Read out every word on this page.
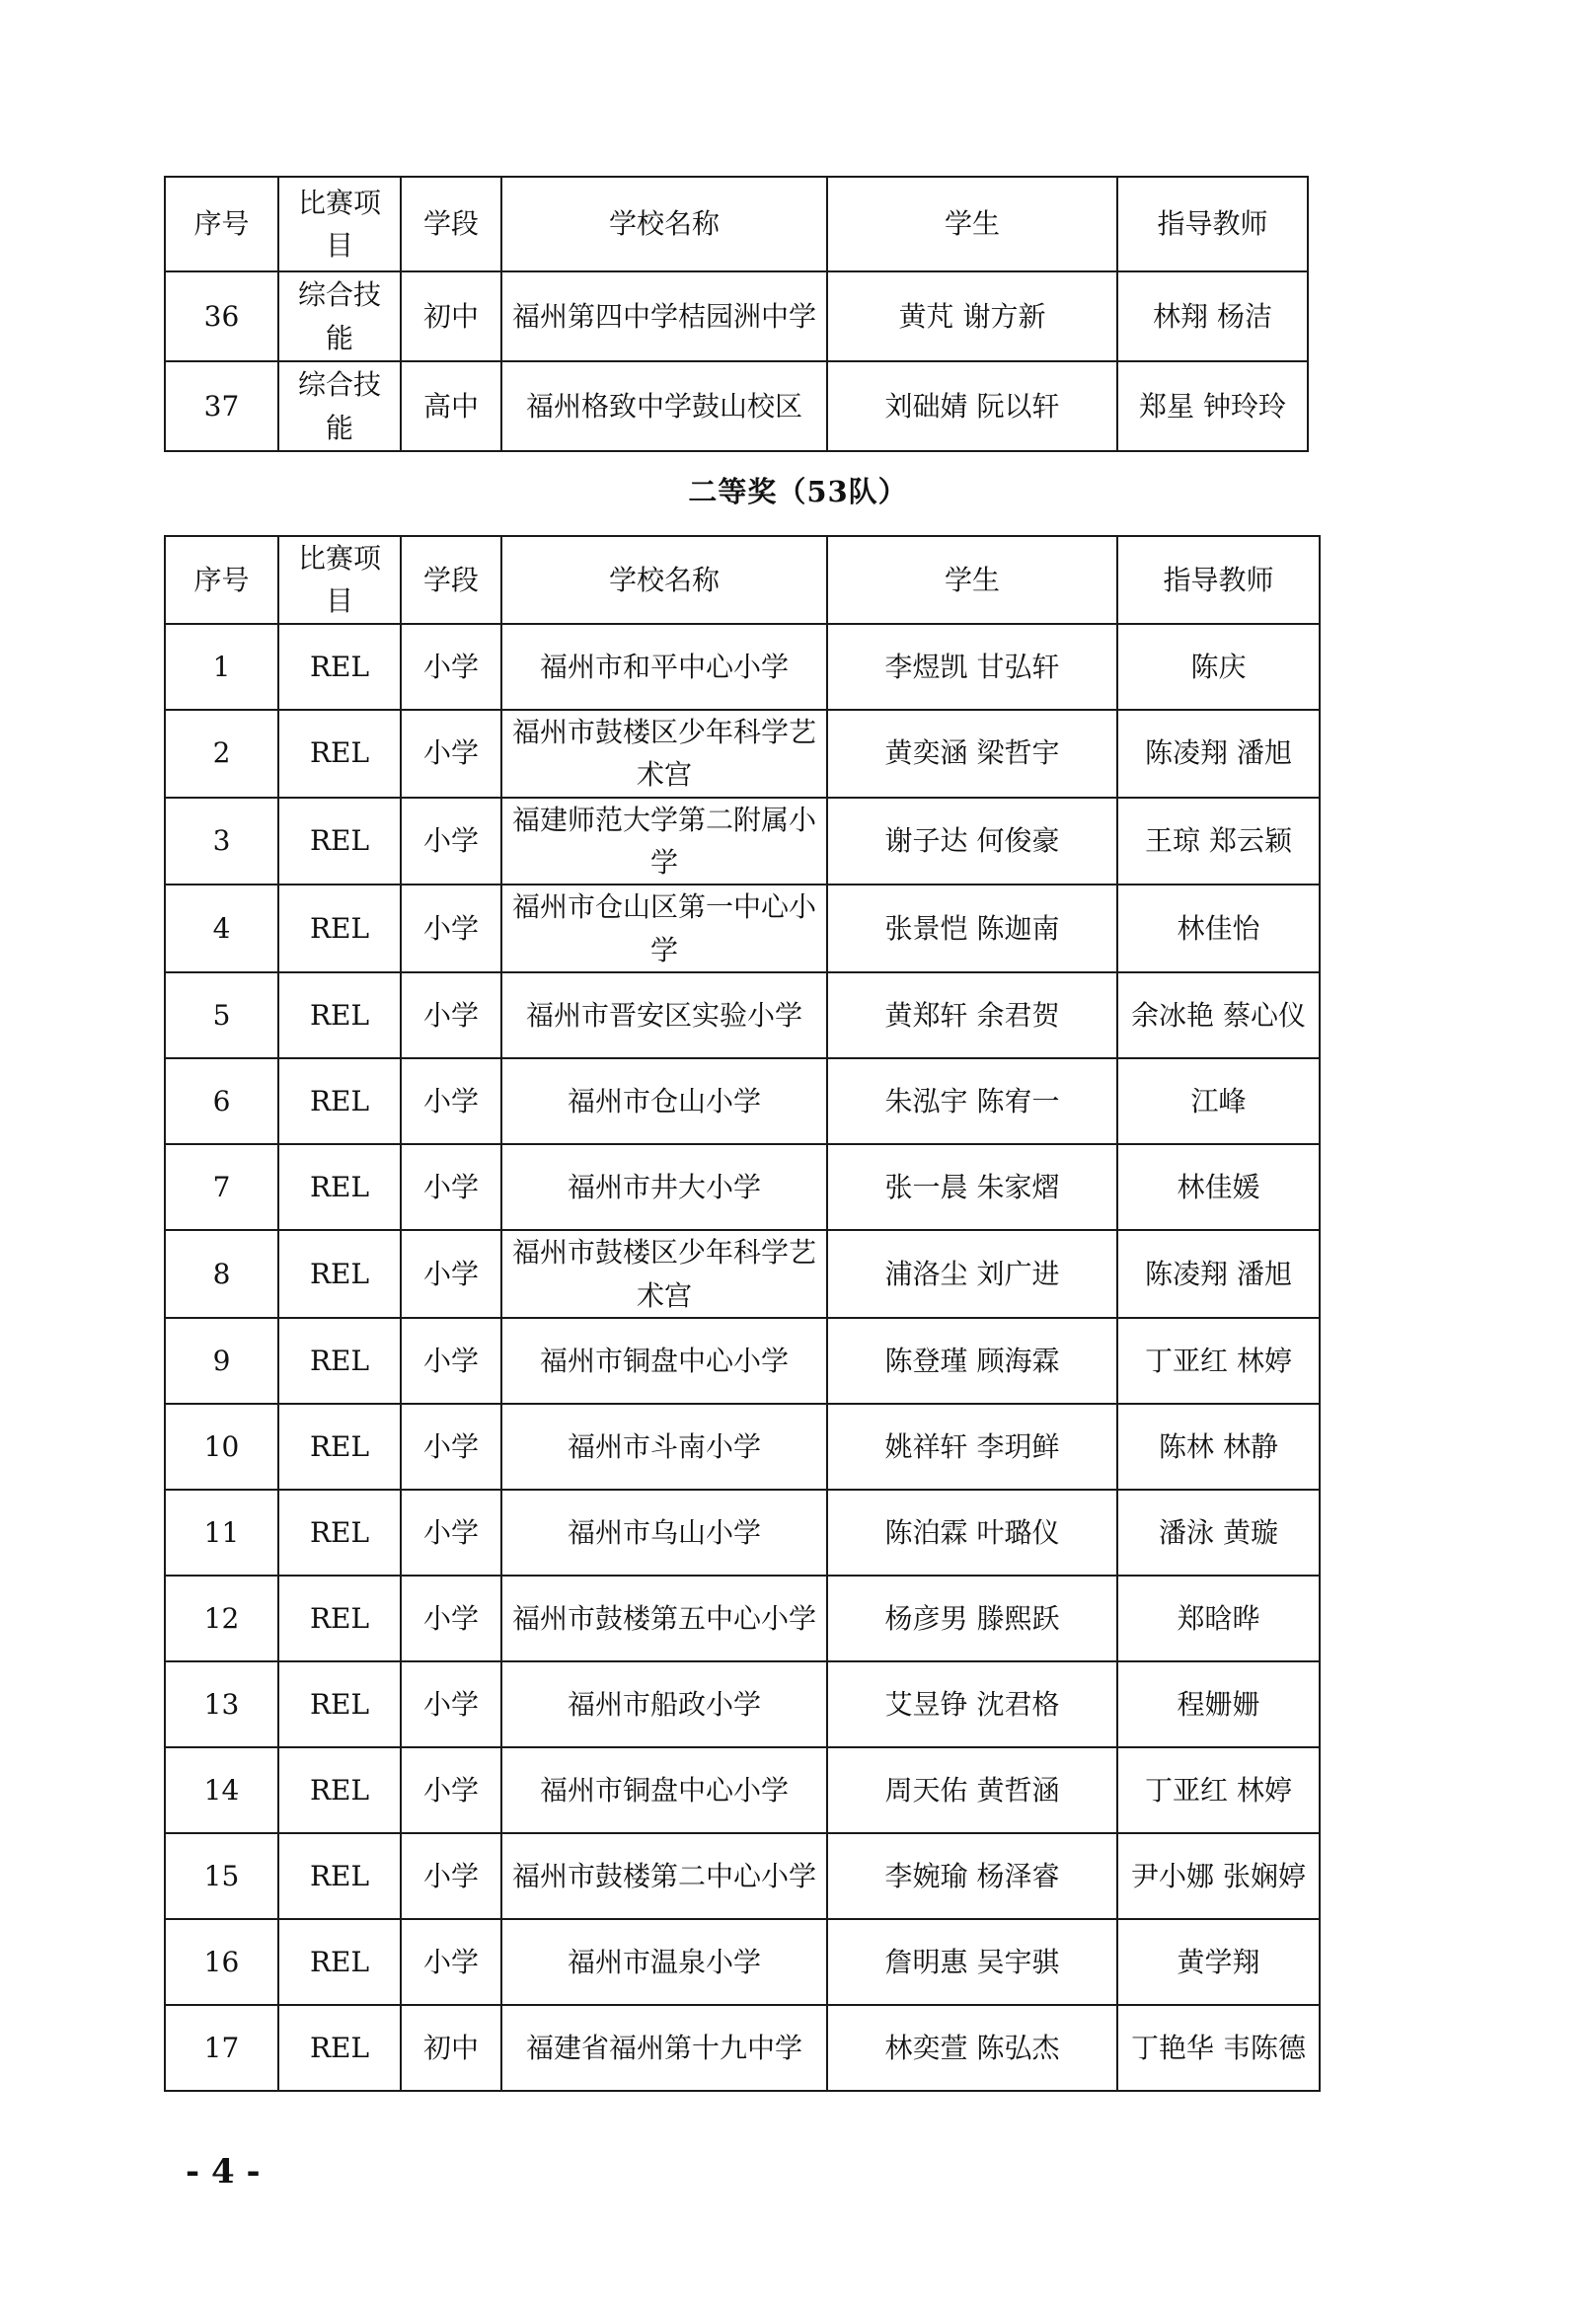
序号	比赛项目	学段	学校名称	学生	指导教师
36	综合技能	初中	福州第四中学桔园洲中学	黄芃 谢方新	林翔 杨洁
37	综合技能	高中	福州格致中学鼓山校区	刘础婧 阮以轩	郑星 钟玲玲
二等奖（53队）
序号	比赛项目	学段	学校名称	学生	指导教师
1	REL	小学	福州市和平中心小学	李煜凯 甘弘轩	陈庆
2	REL	小学	福州市鼓楼区少年科学艺术宫	黄奕涵 梁哲宇	陈凌翔 潘旭
3	REL	小学	福建师范大学第二附属小学	谢子达 何俊豪	王琼 郑云颖
4	REL	小学	福州市仓山区第一中心小学	张景恺 陈迦南	林佳怡
5	REL	小学	福州市晋安区实验小学	黄郑轩 余君贺	余冰艳 蔡心仪
6	REL	小学	福州市仓山小学	朱泓宇 陈宥一	江峰
7	REL	小学	福州市井大小学	张一晨 朱家熠	林佳媛
8	REL	小学	福州市鼓楼区少年科学艺术宫	浦洛尘 刘广进	陈凌翔 潘旭
9	REL	小学	福州市铜盘中心小学	陈登瑾 顾海霖	丁亚红 林婷
10	REL	小学	福州市斗南小学	姚祥轩 李玥鲜	陈林 林静
11	REL	小学	福州市乌山小学	陈泊霖 叶璐仪	潘泳 黄璇
12	REL	小学	福州市鼓楼第五中心小学	杨彦男 滕熙跃	郑晗晔
13	REL	小学	福州市船政小学	艾昱铮 沈君格	程姗姗
14	REL	小学	福州市铜盘中心小学	周天佑 黄哲涵	丁亚红 林婷
15	REL	小学	福州市鼓楼第二中心小学	李婉瑜 杨泽睿	尹小娜 张娴婷
16	REL	小学	福州市温泉小学	詹明惠 吴宇骐	黄学翔
17	REL	初中	福建省福州第十九中学	林奕萱 陈弘杰	丁艳华 韦陈德
- 4 -
